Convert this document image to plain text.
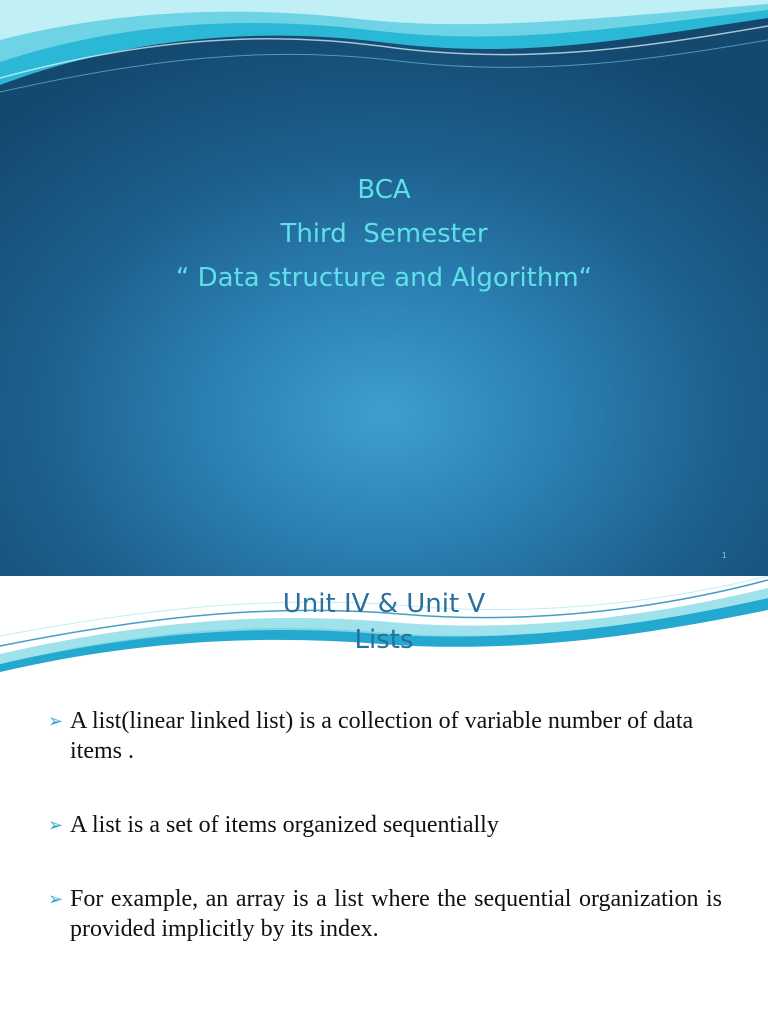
BCA
Third  Semester
“ Data structure and Algorithm“
1
Unit IV & Unit V
Lists
➢ A list(linear linked list) is a collection of variable number of data items .
➢ A list is a set of items organized sequentially
➢ For example, an array is a list where the sequential organization is provided implicitly by its index.
